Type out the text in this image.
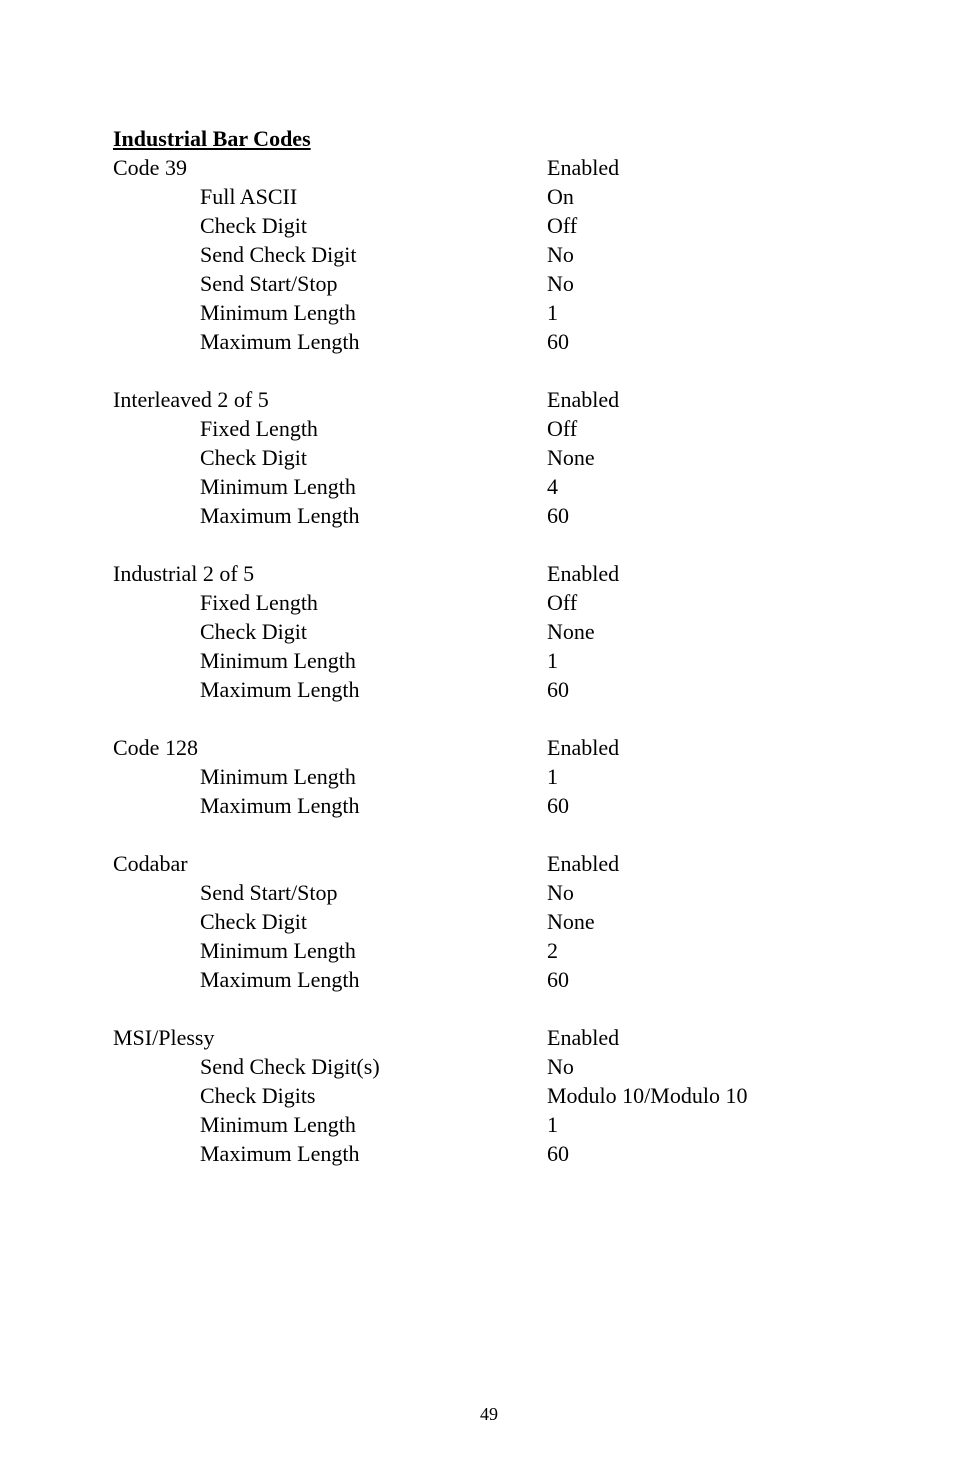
Industrial Bar Codes
Code 39	Enabled
Full ASCII	On
Check Digit	Off
Send Check Digit	No
Send Start/Stop	No
Minimum Length	1
Maximum Length	60
Interleaved 2 of 5	Enabled
Fixed Length	Off
Check Digit	None
Minimum Length	4
Maximum Length	60
Industrial 2 of 5	Enabled
Fixed Length	Off
Check Digit	None
Minimum Length	1
Maximum Length	60
Code 128	Enabled
Minimum Length	1
Maximum Length	60
Codabar	Enabled
Send Start/Stop	No
Check Digit	None
Minimum Length	2
Maximum Length	60
MSI/Plessy	Enabled
Send Check Digit(s)	No
Check Digits	Modulo 10/Modulo 10
Minimum Length	1
Maximum Length	60
49
